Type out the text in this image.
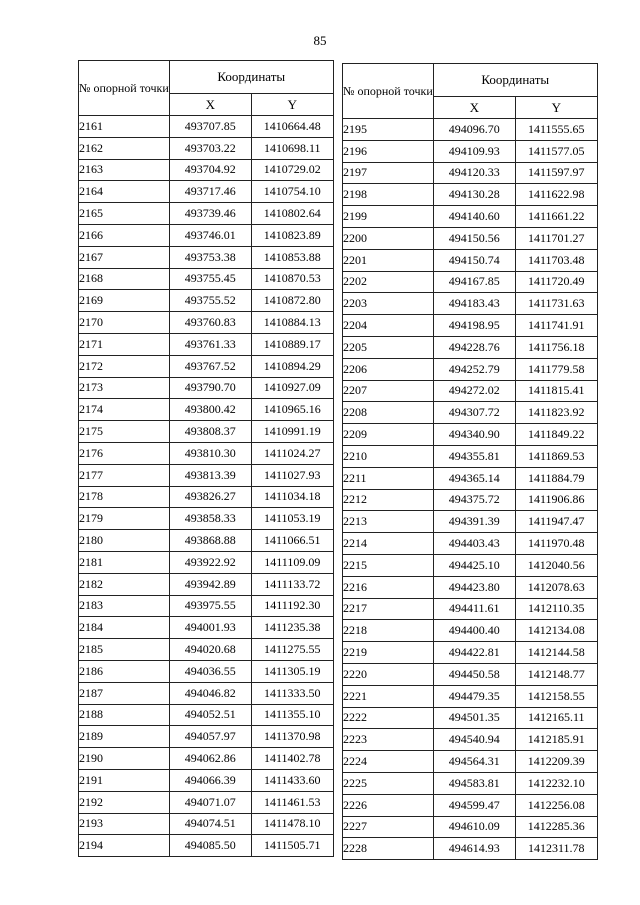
85
№ опорной точки	Координаты	
	X	Y
2161	493707.85	1410664.48
2162	493703.22	1410698.11
2163	493704.92	1410729.02
2164	493717.46	1410754.10
2165	493739.46	1410802.64
2166	493746.01	1410823.89
2167	493753.38	1410853.88
2168	493755.45	1410870.53
2169	493755.52	1410872.80
2170	493760.83	1410884.13
2171	493761.33	1410889.17
2172	493767.52	1410894.29
2173	493790.70	1410927.09
2174	493800.42	1410965.16
2175	493808.37	1410991.19
2176	493810.30	1411024.27
2177	493813.39	1411027.93
2178	493826.27	1411034.18
2179	493858.33	1411053.19
2180	493868.88	1411066.51
2181	493922.92	1411109.09
2182	493942.89	1411133.72
2183	493975.55	1411192.30
2184	494001.93	1411235.38
2185	494020.68	1411275.55
2186	494036.55	1411305.19
2187	494046.82	1411333.50
2188	494052.51	1411355.10
2189	494057.97	1411370.98
2190	494062.86	1411402.78
2191	494066.39	1411433.60
2192	494071.07	1411461.53
2193	494074.51	1411478.10
2194	494085.50	1411505.71
№ опорной точки	Координаты	
	X	Y
2195	494096.70	1411555.65
2196	494109.93	1411577.05
2197	494120.33	1411597.97
2198	494130.28	1411622.98
2199	494140.60	1411661.22
2200	494150.56	1411701.27
2201	494150.74	1411703.48
2202	494167.85	1411720.49
2203	494183.43	1411731.63
2204	494198.95	1411741.91
2205	494228.76	1411756.18
2206	494252.79	1411779.58
2207	494272.02	1411815.41
2208	494307.72	1411823.92
2209	494340.90	1411849.22
2210	494355.81	1411869.53
2211	494365.14	1411884.79
2212	494375.72	1411906.86
2213	494391.39	1411947.47
2214	494403.43	1411970.48
2215	494425.10	1412040.56
2216	494423.80	1412078.63
2217	494411.61	1412110.35
2218	494400.40	1412134.08
2219	494422.81	1412144.58
2220	494450.58	1412148.77
2221	494479.35	1412158.55
2222	494501.35	1412165.11
2223	494540.94	1412185.91
2224	494564.31	1412209.39
2225	494583.81	1412232.10
2226	494599.47	1412256.08
2227	494610.09	1412285.36
2228	494614.93	1412311.78
